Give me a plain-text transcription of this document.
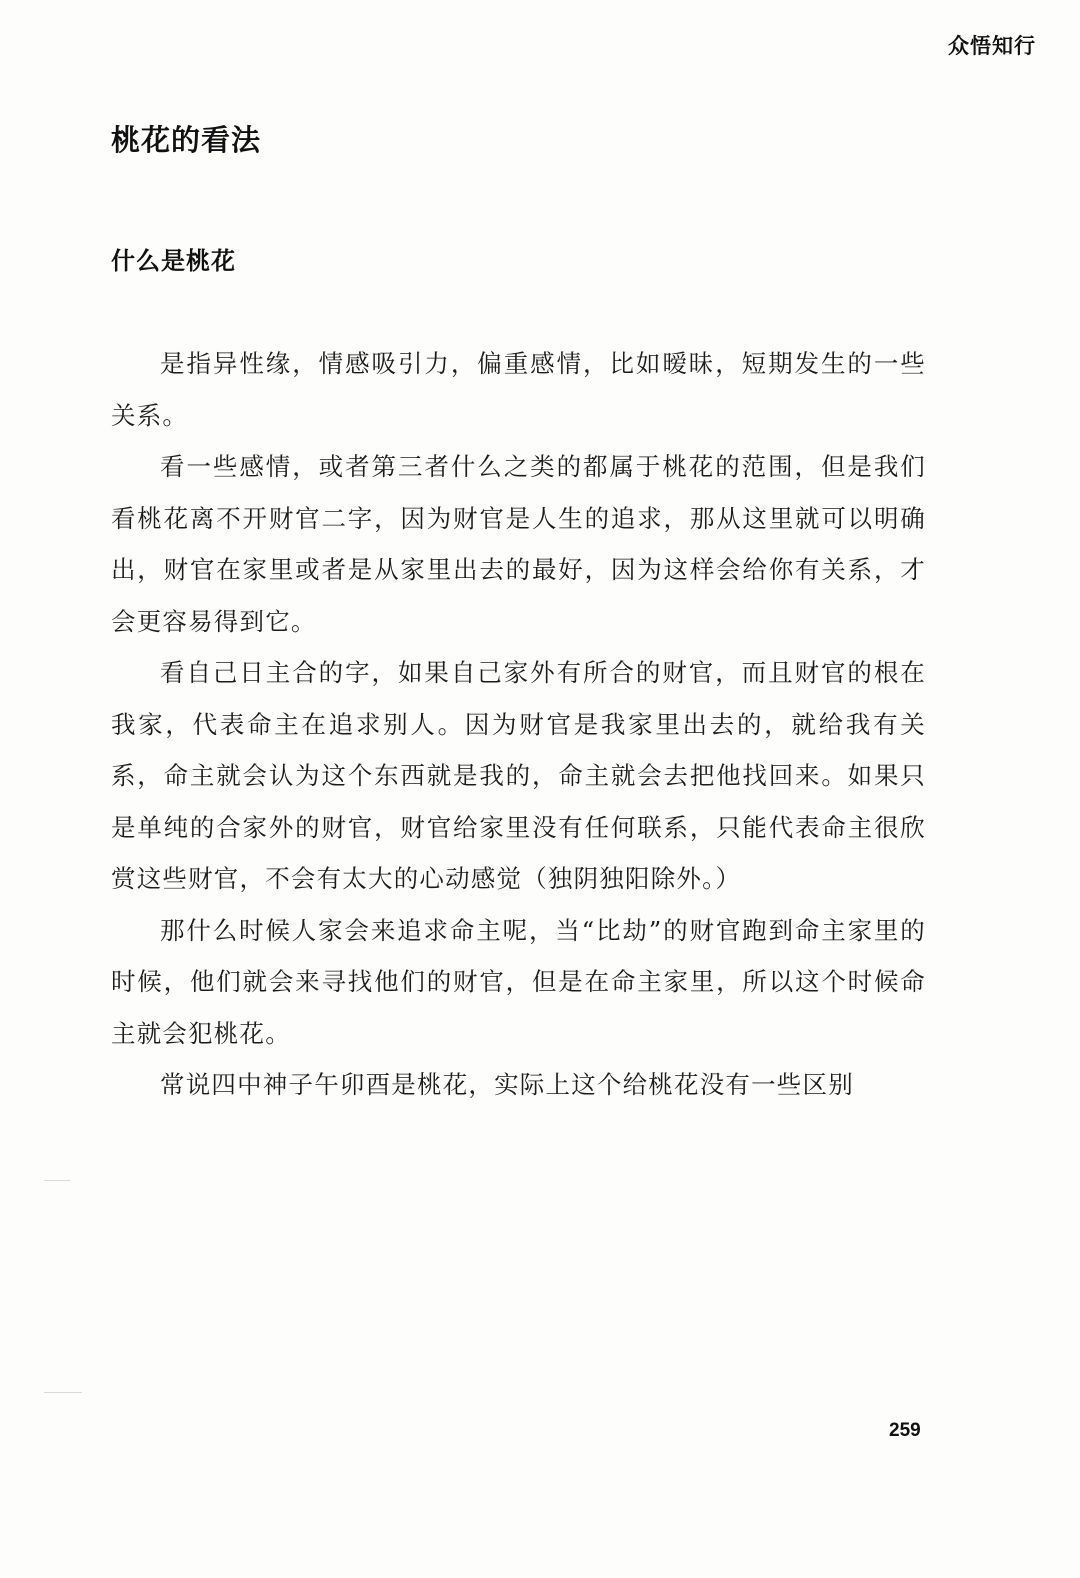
众悟知行
桃花的看法
什么是桃花

是指异性缘，情感吸引力，偏重感情，比如暧昧，短期发生的一些关系。

看一些感情，或者第三者什么之类的都属于桃花的范围，但是我们看桃花离不开财官二字，因为财官是人生的追求，那从这里就可以明确出，财官在家里或者是从家里出去的最好，因为这样会给你有关系，才会更容易得到它。

看自己日主合的字，如果自己家外有所合的财官，而且财官的根在我家，代表命主在追求别人。因为财官是我家里出去的，就给我有关系，命主就会认为这个东西就是我的，命主就会去把他找回来。如果只是单纯的合家外的财官，财官给家里没有任何联系，只能代表命主很欣赏这些财官，不会有太大的心动感觉（独阴独阳除外。）

那什么时候人家会来追求命主呢，当“比劫”的财官跑到命主家里的时候，他们就会来寻找他们的财官，但是在命主家里，所以这个时候命主就会犯桃花。

常说四中神子午卯酉是桃花，实际上这个给桃花没有一些区别

259
